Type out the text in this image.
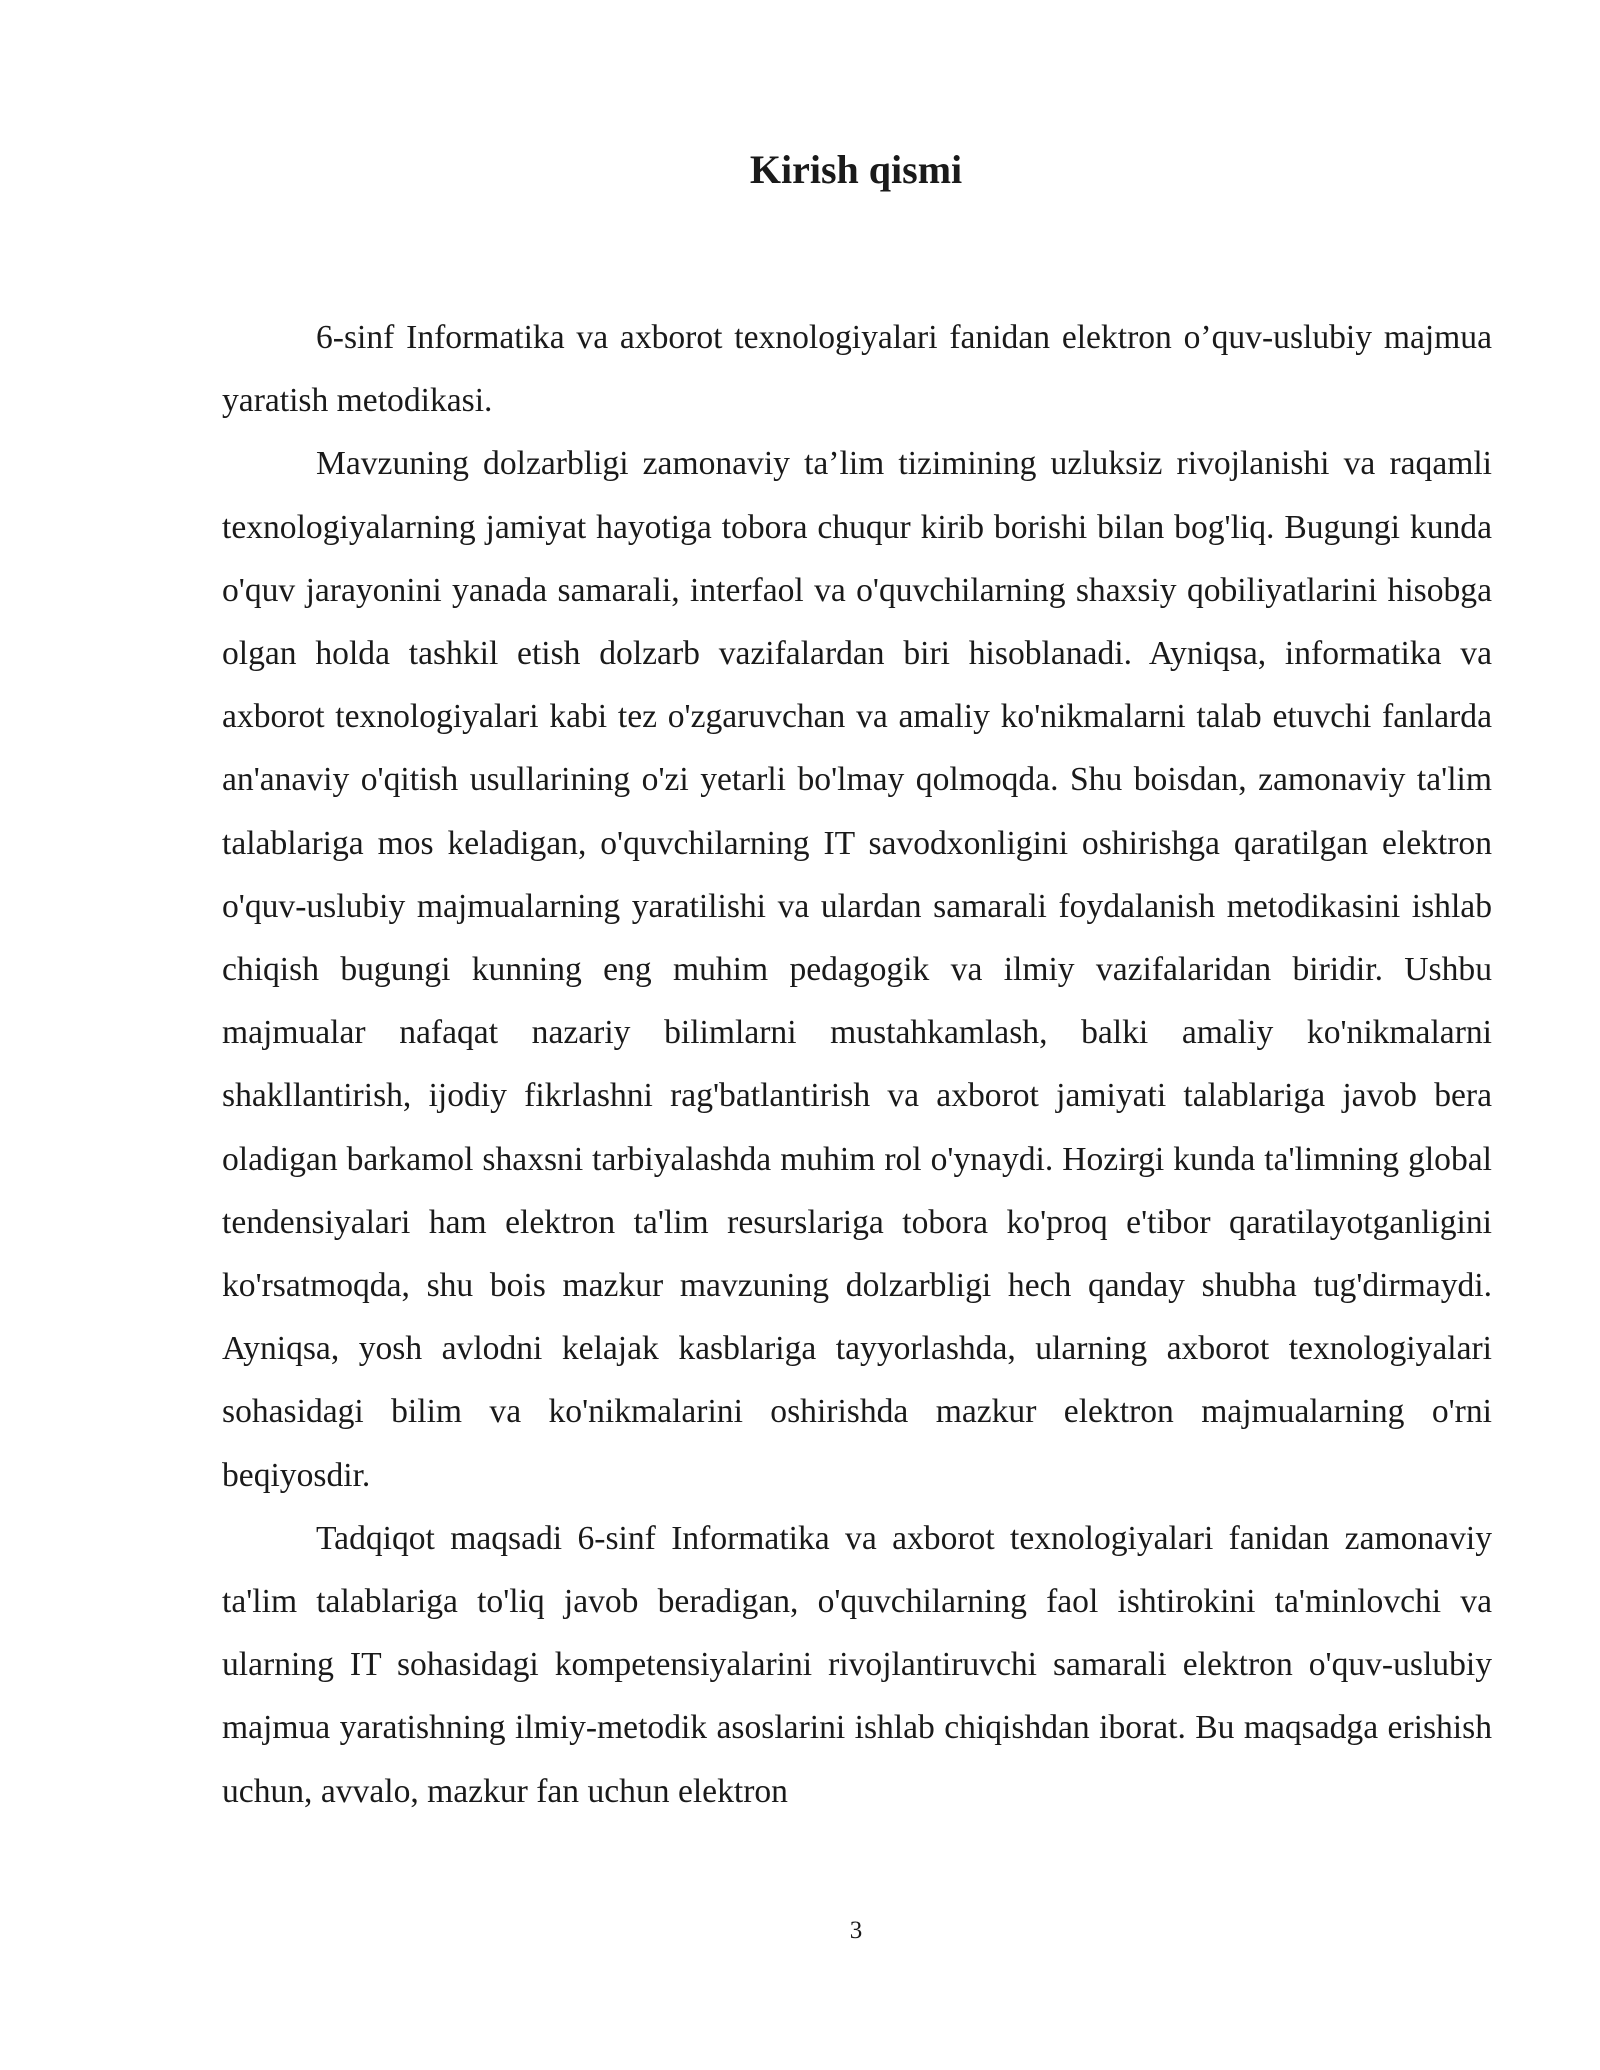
Kirish qismi

6-sinf Informatika va axborot texnologiyalari fanidan elektron o’quv-uslubiy majmua yaratish metodikasi.

Mavzuning dolzarbligi zamonaviy ta’lim tizimining uzluksiz rivojlanishi va raqamli texnologiyalarning jamiyat hayotiga tobora chuqur kirib borishi bilan bog'liq. Bugungi kunda o'quv jarayonini yanada samarali, interfaol va o'quvchilarning shaxsiy qobiliyatlarini hisobga olgan holda tashkil etish dolzarb vazifalardan biri hisoblanadi. Ayniqsa, informatika va axborot texnologiyalari kabi tez o'zgaruvchan va amaliy ko'nikmalarni talab etuvchi fanlarda an'anaviy o'qitish usullarining o'zi yetarli bo'lmay qolmoqda. Shu boisdan, zamonaviy ta'lim talablariga mos keladigan, o'quvchilarning IT savodxonligini oshirishga qaratilgan elektron o'quv-uslubiy majmualarning yaratilishi va ulardan samarali foydalanish metodikasini ishlab chiqish bugungi kunning eng muhim pedagogik va ilmiy vazifalaridan biridir. Ushbu majmualar nafaqat nazariy bilimlarni mustahkamlash, balki amaliy ko'nikmalarni shakllantirish, ijodiy fikrlashni rag'batlantirish va axborot jamiyati talablariga javob bera oladigan barkamol shaxsni tarbiyalashda muhim rol o'ynaydi. Hozirgi kunda ta'limning global tendensiyalari ham elektron ta'lim resurslariga tobora ko'proq e'tibor qaratilayotganligini ko'rsatmoqda, shu bois mazkur mavzuning dolzarbligi hech qanday shubha tug'dirmaydi. Ayniqsa, yosh avlodni kelajak kasblariga tayyorlashda, ularning axborot texnologiyalari sohasidagi bilim va ko'nikmalarini oshirishda mazkur elektron majmualarning o'rni beqiyosdir.

Tadqiqot maqsadi 6-sinf Informatika va axborot texnologiyalari fanidan zamonaviy ta'lim talablariga to'liq javob beradigan, o'quvchilarning faol ishtirokini ta'minlovchi va ularning IT sohasidagi kompetensiyalarini rivojlantiruvchi samarali elektron o'quv-uslubiy majmua yaratishning ilmiy-metodik asoslarini ishlab chiqishdan iborat. Bu maqsadga erishish uchun, avvalo, mazkur fan uchun elektron

3
